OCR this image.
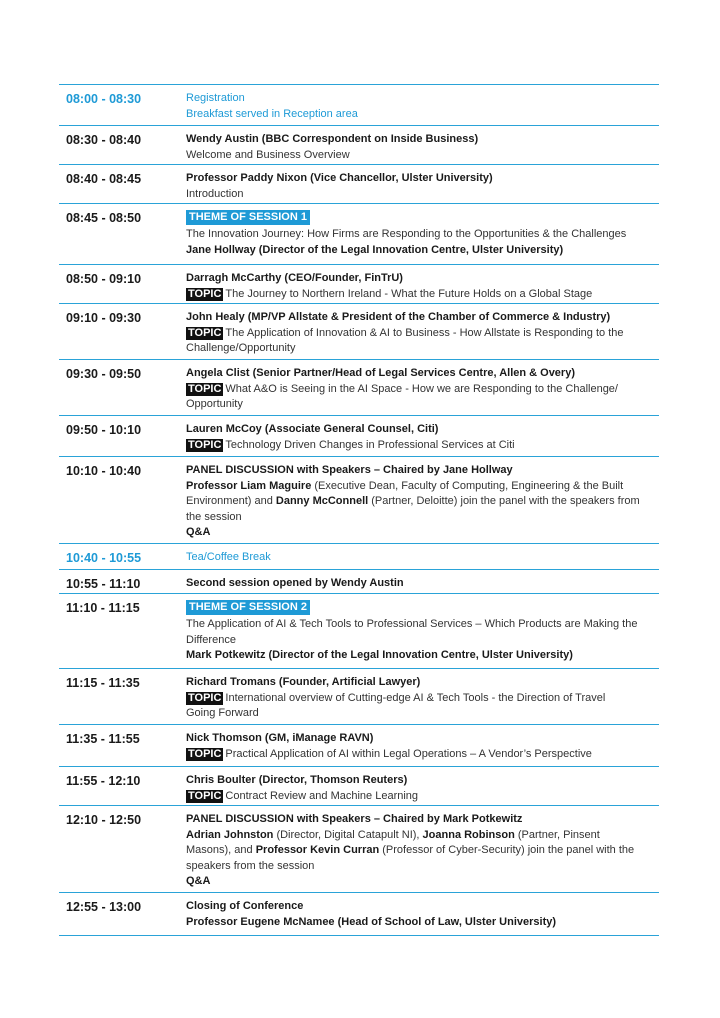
08:00 - 08:30	Registration
Breakfast served in Reception area
08:30 - 08:40	Wendy Austin (BBC Correspondent on Inside Business)
Welcome and Business Overview
08:40 - 08:45	Professor Paddy Nixon (Vice Chancellor, Ulster University)
Introduction
08:45 - 08:50	THEME OF SESSION 1
The Innovation Journey: How Firms are Responding to the Opportunities & the Challenges
Jane Hollway (Director of the Legal Innovation Centre, Ulster University)
08:50 - 09:10	Darragh McCarthy (CEO/Founder, FinTrU)
TOPIC The Journey to Northern Ireland - What the Future Holds on a Global Stage
09:10 - 09:30	John Healy (MP/VP Allstate & President of the Chamber of Commerce & Industry)
TOPIC The Application of Innovation & AI to Business - How Allstate is Responding to the
Challenge/Opportunity
09:30 - 09:50	Angela Clist (Senior Partner/Head of Legal Services Centre, Allen & Overy)
TOPIC What A&O is Seeing in the AI Space - How we are Responding to the Challenge/
Opportunity
09:50 - 10:10	Lauren McCoy (Associate General Counsel, Citi)
TOPIC Technology Driven Changes in Professional Services at Citi
10:10 - 10:40	PANEL DISCUSSION with Speakers – Chaired by Jane Hollway
Professor Liam Maguire (Executive Dean, Faculty of Computing, Engineering & the Built
Environment) and Danny McConnell (Partner, Deloitte) join the panel with the speakers from
the session
Q&A
10:40 - 10:55	Tea/Coffee Break
10:55 - 11:10	Second session opened by Wendy Austin
11:10 - 11:15	THEME OF SESSION 2
The Application of AI & Tech Tools to Professional Services – Which Products are Making the
Difference
Mark Potkewitz (Director of the Legal Innovation Centre, Ulster University)
11:15 - 11:35	Richard Tromans (Founder, Artificial Lawyer)
TOPIC International overview of Cutting-edge AI & Tech Tools - the Direction of Travel
Going Forward
11:35 - 11:55	Nick Thomson (GM, iManage RAVN)
TOPIC Practical Application of AI within Legal Operations – A Vendor’s Perspective
11:55 - 12:10	Chris Boulter (Director, Thomson Reuters)
TOPIC Contract Review and Machine Learning
12:10 - 12:50	PANEL DISCUSSION with Speakers – Chaired by Mark Potkewitz
Adrian Johnston (Director, Digital Catapult NI), Joanna Robinson (Partner, Pinsent
Masons), and Professor Kevin Curran (Professor of Cyber-Security) join the panel with the
speakers from the session
Q&A
12:55 - 13:00	Closing of Conference
Professor Eugene McNamee (Head of School of Law, Ulster University)
